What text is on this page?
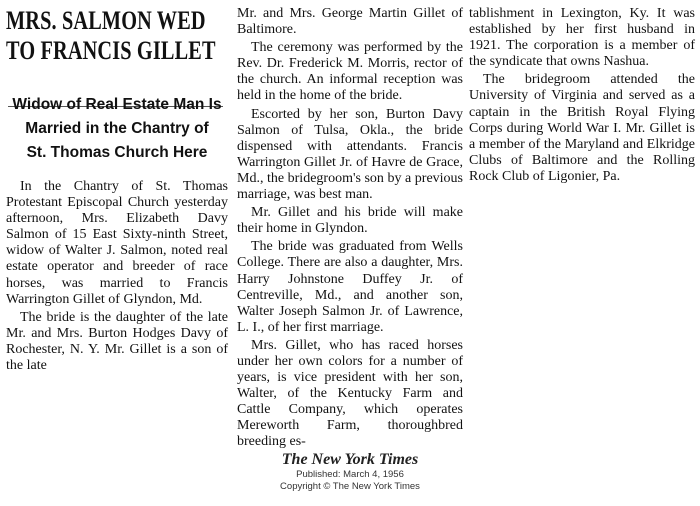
MRS. SALMON WED

TO FRANCIS GILLET

Widow of Real Estate Man Is
Married in the Chantry of
St. Thomas Church Here

In the Chantry of St. Thomas Protestant Episcopal Church yesterday afternoon, Mrs. Elizabeth Davy Salmon of 15 East Sixty-ninth Street, widow of Walter J. Salmon, noted real estate operator and breeder of race horses, was married to Francis Warrington Gillet of Glyndon, Md.

The bride is the daughter of the late Mr. and Mrs. Burton Hodges Davy of Rochester, N. Y. Mr. Gillet is a son of the late

Mr. and Mrs. George Martin Gillet of Baltimore.

The ceremony was performed by the Rev. Dr. Frederick M. Morris, rector of the church. An informal reception was held in the home of the bride.

Escorted by her son, Burton Davy Salmon of Tulsa, Okla., the bride dispensed with attendants. Francis Warrington Gillet Jr. of Havre de Grace, Md., the bridegroom's son by a previous marriage, was best man.

Mr. Gillet and his bride will make their home in Glyndon.

The bride was graduated from Wells College. There are also a daughter, Mrs. Harry Johnstone Duffey Jr. of Centreville, Md., and another son, Walter Joseph Salmon Jr. of Lawrence, L. I., of her first marriage.

Mrs. Gillet, who has raced horses under her own colors for a number of years, is vice president with her son, Walter, of the Kentucky Farm and Cattle Company, which operates Mereworth Farm, thoroughbred breeding es-

tablishment in Lexington, Ky. It was established by her first husband in 1921. The corporation is a member of the syndicate that owns Nashua.

The bridegroom attended the University of Virginia and served as a captain in the British Royal Flying Corps during World War I. Mr. Gillet is a member of the Maryland and Elkridge Clubs of Baltimore and the Rolling Rock Club of Ligonier, Pa.

The New York Times
Published: March 4, 1956
Copyright © The New York Times
